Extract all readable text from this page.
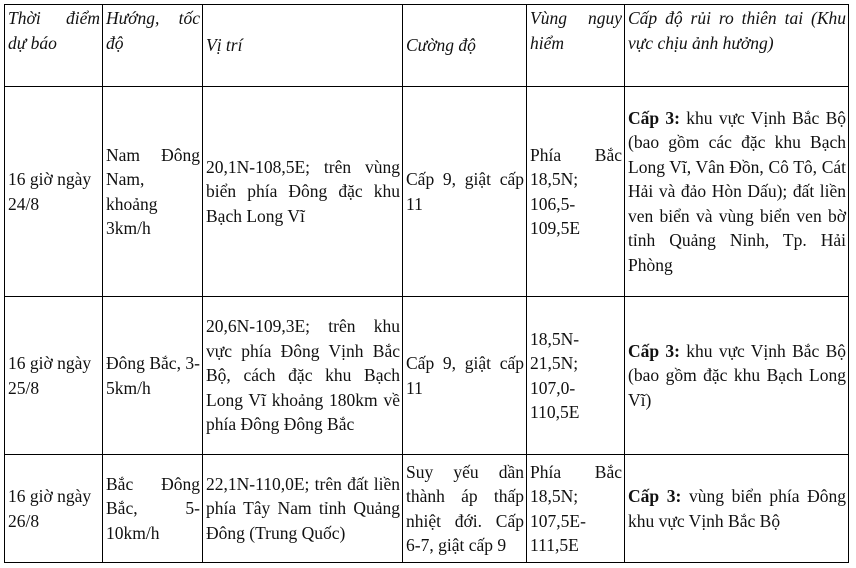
Thời điểm dự báo	Hướng, tốc độ	Vị trí	Cường độ	Vùng nguy hiểm	Cấp độ rủi ro thiên tai (Khu vực chịu ảnh hưởng)
16 giờ ngày 24/8	Nam Đông Nam, khoảng 3km/h	20,1N-108,5E; trên vùng biển phía Đông đặc khu Bạch Long Vĩ	Cấp 9, giật cấp 11	Phía Bắc 18,5N; 106,5-109,5E	Cấp 3: khu vực Vịnh Bắc Bộ (bao gồm các đặc khu Bạch Long Vĩ, Vân Đồn, Cô Tô, Cát Hải và đảo Hòn Dấu); đất liền ven biển và vùng biển ven bờ tỉnh Quảng Ninh, Tp. Hải Phòng
16 giờ ngày 25/8	Đông Bắc, 3-5km/h	20,6N-109,3E; trên khu vực phía Đông Vịnh Bắc Bộ, cách đặc khu Bạch Long Vĩ khoảng 180km về phía Đông Đông Bắc	Cấp 9, giật cấp 11	18,5N-21,5N; 107,0-110,5E	Cấp 3: khu vực Vịnh Bắc Bộ (bao gồm đặc khu Bạch Long Vĩ)
16 giờ ngày 26/8	Bắc Đông Bắc, 5-10km/h	22,1N-110,0E; trên đất liền phía Tây Nam tỉnh Quảng Đông (Trung Quốc)	Suy yếu dần thành áp thấp nhiệt đới. Cấp 6-7, giật cấp 9	Phía Bắc 18,5N; 107,5E-111,5E	Cấp 3: vùng biển phía Đông khu vực Vịnh Bắc Bộ
